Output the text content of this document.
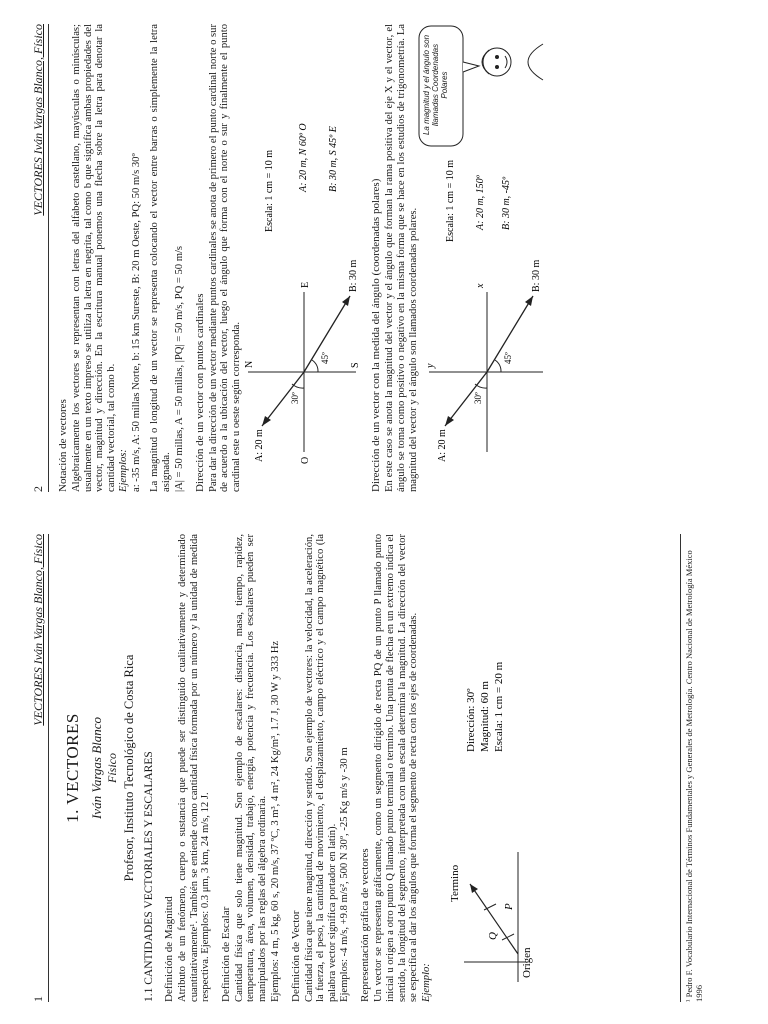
1
VECTORES Iván Vargas Blanco, Físico
1. VECTORES Iván Vargas Blanco Físico Profesor, Instituto Tecnológico de Costa Rica 1.1 CANTIDADES VECTORIALES Y ESCALARES Definición de Magnitud Atributo de un fenómeno, cuerpo o sustancia que puede ser distinguido cualitativamente y determinado cuantitativamente¹. También se entiende como cantidad física formada por un número y la unidad de medida respectiva. Ejemplos: 0.3 μm, 3 km, 24 m/s, 12 J. Definición de Escalar Cantidad física que solo tiene magnitud. Son ejemplo de escalares: distancia, masa, tiempo, rapidez, temperatura, área, volumen, densidad, trabajo, energía, potencia y frecuencia. Los escalares pueden ser manipulados por las reglas del álgebra ordinaria. Ejemplos: 4 m, 5 kg, 60 s, 20 m/s, 37 ºC, 3 m³, 4 m², 24 Kg/m³, 1.7 J, 30 W y 333 Hz Definición de Vector Cantidad física que tiene magnitud, dirección y sentido. Son ejemplo de vectores: la velocidad, la aceleración, la fuerza, el peso, la cantidad de movimiento, el desplazamiento, campo eléctrico y el campo magnético (la palabra vector significa portador en latín). Ejemplos: -4 m/s, +9.8 m/s², 500 N 30º, -25 Kg m/s y -30 m Representación gráfica de vectores Un vector se representa gráficamente, como un segmento dirigido de recta PQ de un punto P llamado punto inicial u origen a otro punto Q llamado punto terminal o termino. Una punta de flecha en un extremo indica el sentido, la longitud del segmento, interpretada con una escala determina la magnitud. La dirección del vector se especifica al dar los ángulos que forma el segmento de recta con los ejes de coordenadas. Ejemplo:

Q
P
Termino
Origen
Dirección: 30º Magnitud: 60 m Escala: 1 cm = 20 m	¹ Pedro F. Vocabulario Internacional de Términos Fundamentales y Generales de Metrología. Centro Nacional de Metrología México 1996
2
VECTORES Iván Vargas Blanco, Físico
Notación de vectores Algebraicamente los vectores se representan con letras del alfabeto castellano, mayúsculas o minúsculas; usualmente en un texto impreso se utiliza la letra en negrita, tal como b que significa ambas propiedades del vector, magnitud y dirección. En la escritura manual ponemos una flecha sobre la letra para denotar la cantidad vectorial, tal como b. Ejemplos: a: -35 m/s, A: 50 millas Norte, b: 15 km Sureste, B: 20 m Oeste, PQ: 50 m/s 30º La magnitud o longitud de un vector se representa colocando el vector entre barras o simplemente la letra asignada. |A| = 50 millas, A = 50 millas, |PQ| = 50 m/s, PQ = 50 m/s Dirección de un vector con puntos cardinales Para dar la dirección de un vector mediante puntos cardinales se anota de primero el punto cardinal norte o sur de acuerdo a la ubicación del vector, luego el ángulo que forma con el norte o sur y finalmente el punto cardinal este u oeste según corresponda. A: 20 m
B: 30 m
N	S
E
O
30º
45º
Escala: 1 cm = 10 m A: 20 m, N 60º O B: 30 m, S 45º E
Dirección de un vector con la medida del ángulo (coordenadas polares) En este caso se anota la magnitud del vector y el ángulo que forman la rama positiva del eje X y el vector, el ángulo se toma como positivo o negativo en la misma forma que se hace en los estudios de trigonometría. La magnitud del vector y el ángulo son llamados coordenadas polares. A: 20 m
B: 30 m
x
y
30º
45º
Escala: 1 cm = 10 m A: 20 m, 150º B: 30 m, -45º
La magnitud y el ángulo son llamadas Coordenadas Polares
